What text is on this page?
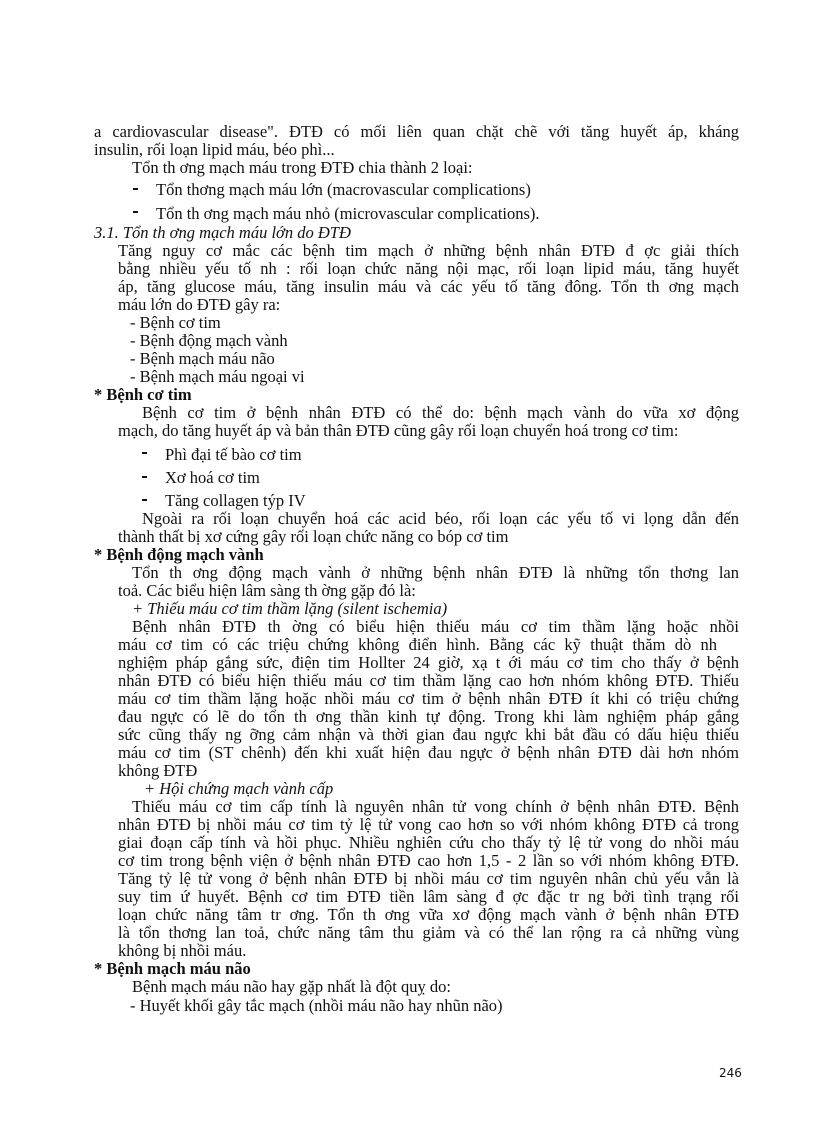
a cardiovascular disease". ĐTĐ có mối liên quan chặt chẽ với tăng huyết áp, kháng
insulin, rối loạn lipid máu, béo phì...
Tổn th ơng mạch máu trong ĐTĐ chia thành 2 loại:
Tổn thơng mạch máu lớn (macrovascular complications)
Tổn th ơng mạch máu nhỏ (microvascular complications).
3.1. Tổn th ơng mạch máu lớn do ĐTĐ
Tăng nguy cơ mắc các bệnh tim mạch ở những bệnh nhân ĐTĐ đ ợc giải thích
bằng nhiều yếu tố nh : rối loạn chức năng nội mạc, rối loạn lipid máu, tăng huyết
áp, tăng glucose máu, tăng insulin máu và các yếu tố tăng đông. Tổn th ơng mạch
máu lớn do ĐTĐ gây ra:
- Bệnh cơ tim
- Bệnh động mạch vành
- Bệnh mạch máu não
- Bệnh mạch máu ngoại vi
* Bệnh cơ tim
Bệnh cơ tim ở bệnh nhân ĐTĐ có thể do: bệnh mạch vành do vữa xơ động
mạch, do tăng huyết áp và bản thân ĐTĐ cũng gây rối loạn chuyển hoá trong cơ tim:
Phì đại tế bào cơ tim
Xơ hoá cơ tim
Tăng collagen týp IV
Ngoài ra rối loạn chuyển hoá các acid béo, rối loạn các yếu tố vi lọng dẫn đến
thành thất bị xơ cứng gây rối loạn chức năng co bóp cơ tim
* Bệnh động mạch vành
Tổn th ơng động mạch vành ở những bệnh nhân ĐTĐ là những tổn thơng lan
toả. Các biểu hiện lâm sàng th ờng gặp đó là:
+ Thiếu máu cơ tim thầm lặng (silent ischemia)
Bệnh nhân ĐTĐ th ờng có biểu hiện thiếu máu cơ tim thầm lặng hoặc nhồi
máu cơ tim có các triệu chứng không điển hình. Bằng các kỹ thuật thăm dò nh
nghiệm pháp gắng sức, điện tim Hollter 24 giờ, xạ t ới máu cơ tim cho thấy ở bệnh
nhân ĐTĐ có biểu hiện thiếu máu cơ tim thầm lặng cao hơn nhóm không ĐTĐ. Thiếu
máu cơ tim thầm lặng hoặc nhồi máu cơ tim ở bệnh nhân ĐTĐ ít khi có triệu chứng
đau ngực có lẽ do tổn th ơng thần kinh tự động. Trong khi làm nghiệm pháp gắng
sức cũng thấy ng ỡng cảm nhận và thời gian đau ngực khi bắt đầu có dấu hiệu thiếu
máu cơ tim (ST chênh) đến khi xuất hiện đau ngực ở bệnh nhân ĐTĐ dài hơn nhóm
không ĐTĐ
+ Hội chứng mạch vành cấp
Thiếu máu cơ tim cấp tính là nguyên nhân tử vong chính ở bệnh nhân ĐTĐ. Bệnh
nhân ĐTĐ bị nhồi máu cơ tim tỷ lệ tử vong cao hơn so với nhóm không ĐTĐ cả trong
giai đoạn cấp tính và hồi phục. Nhiều nghiên cứu cho thấy tỷ lệ tử vong do nhồi máu
cơ tim trong bệnh viện ở bệnh nhân ĐTĐ cao hơn 1,5 - 2 lần so với nhóm không ĐTĐ.
Tăng tỷ lệ tử vong ở bệnh nhân ĐTĐ bị nhồi máu cơ tim nguyên nhân chủ yếu vẫn là
suy tim ứ huyết. Bệnh cơ tim ĐTĐ tiền lâm sàng đ ợc đặc tr ng bởi tình trạng rối
loạn chức năng tâm tr ơng. Tổn th ơng vữa xơ động mạch vành ở bệnh nhân ĐTĐ
là tổn thơng lan toả, chức năng tâm thu giảm và có thể lan rộng ra cả những vùng
không bị nhồi máu.
* Bệnh mạch máu não
Bệnh mạch máu não hay gặp nhất là đột quỵ do:
- Huyết khối gây tắc mạch (nhồi máu não hay nhũn não)
246
